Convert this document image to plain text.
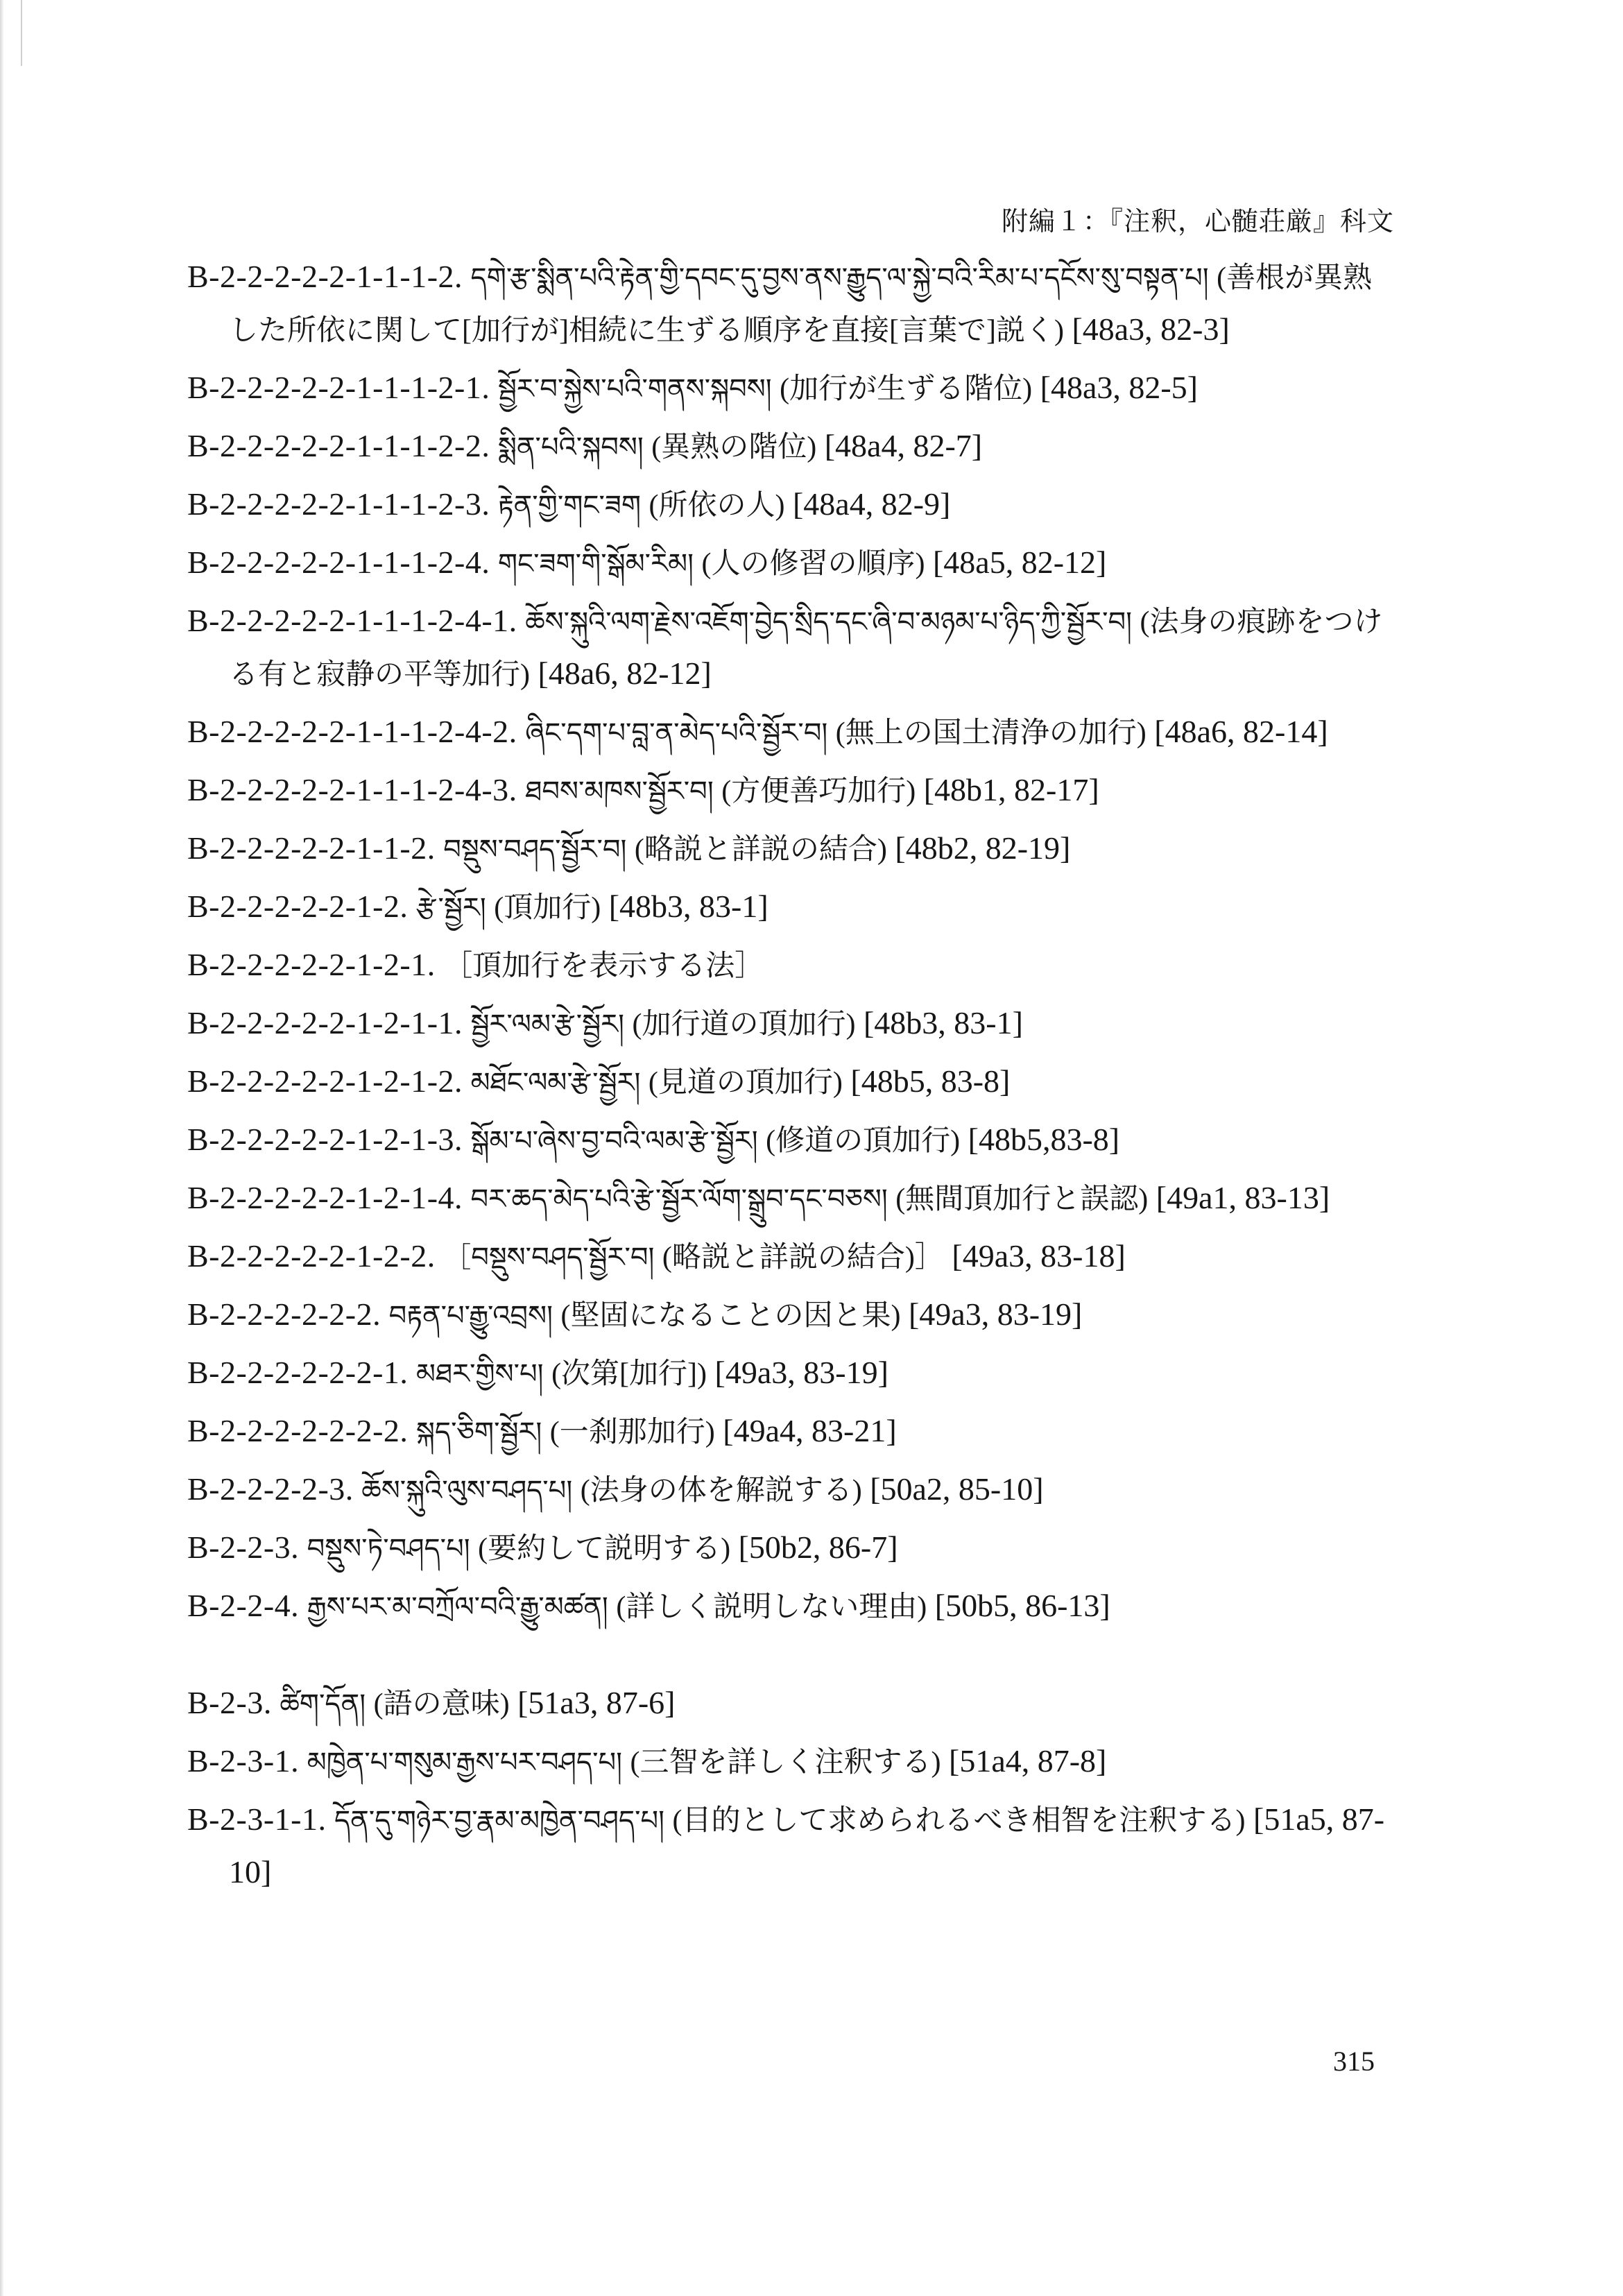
附編１：『注釈，心髄荘厳』科文
B-2-2-2-2-2-1-1-1-2. དགེ་རྩ་སྨིན་པའི་རྟེན་གྱི་དབང་དུ་བྱས་ནས་རྒྱུད་ལ་སྐྱེ་བའི་རིམ་པ་དངོས་སུ་བསྟན་པ། (善根が異熟した所依に関して[加行が]相続に生ずる順序を直接[言葉で]説く) [48a3, 82-3]
B-2-2-2-2-2-1-1-1-2-1. སྦྱོར་བ་སྐྱེས་པའི་གནས་སྐབས། (加行が生ずる階位) [48a3, 82-5]
B-2-2-2-2-2-1-1-1-2-2. སྨིན་པའི་སྐབས། (異熟の階位) [48a4, 82-7]
B-2-2-2-2-2-1-1-1-2-3. རྟེན་གྱི་གང་ཟག (所依の人) [48a4, 82-9]
B-2-2-2-2-2-1-1-1-2-4. གང་ཟག་གི་སྒོམ་རིམ། (人の修習の順序) [48a5, 82-12]
B-2-2-2-2-2-1-1-1-2-4-1. ཆོས་སྐུའི་ལག་རྗེས་འཇོག་བྱེད་སྲིད་དང་ཞི་བ་མཉམ་པ་ཉིད་ཀྱི་སྦྱོར་བ། (法身の痕跡をつける有と寂静の平等加行) [48a6, 82-12]
B-2-2-2-2-2-1-1-1-2-4-2. ཞིང་དག་པ་བླ་ན་མེད་པའི་སྦྱོར་བ། (無上の国土清浄の加行) [48a6, 82-14]
B-2-2-2-2-2-1-1-1-2-4-3. ཐབས་མཁས་སྦྱོར་བ། (方便善巧加行) [48b1, 82-17]
B-2-2-2-2-2-1-1-2. བསྡུས་བཤད་སྦྱོར་བ། (略説と詳説の結合) [48b2, 82-19]
B-2-2-2-2-2-1-2. རྩེ་སྦྱོར། (頂加行) [48b3, 83-1]
B-2-2-2-2-2-1-2-1. ［頂加行を表示する法］
B-2-2-2-2-2-1-2-1-1. སྦྱོར་ལམ་རྩེ་སྦྱོར། (加行道の頂加行) [48b3, 83-1]
B-2-2-2-2-2-1-2-1-2. མཐོང་ལམ་རྩེ་སྦྱོར། (見道の頂加行) [48b5, 83-8]
B-2-2-2-2-2-1-2-1-3. སྒོམ་པ་ཞེས་བྱ་བའི་ལམ་རྩེ་སྦྱོར། (修道の頂加行) [48b5,83-8]
B-2-2-2-2-2-1-2-1-4. བར་ཆད་མེད་པའི་རྩེ་སྦྱོར་ལོག་སྒྲུབ་དང་བཅས། (無間頂加行と誤認) [49a1, 83-13]
B-2-2-2-2-2-1-2-2. ［བསྡུས་བཤད་སྦྱོར་བ། (略説と詳説の結合)］ [49a3, 83-18]
B-2-2-2-2-2-2. བརྟན་པ་རྒྱུ་འབྲས། (堅固になることの因と果) [49a3, 83-19]
B-2-2-2-2-2-2-1. མཐར་གྱིས་པ། (次第[加行]) [49a3, 83-19]
B-2-2-2-2-2-2-2. སྐད་ཅིག་སྦྱོར། (一刹那加行) [49a4, 83-21]
B-2-2-2-2-3. ཆོས་སྐུའི་ལུས་བཤད་པ། (法身の体を解説する) [50a2, 85-10]
B-2-2-3. བསྡུས་ཏེ་བཤད་པ། (要約して説明する) [50b2, 86-7]
B-2-2-4. རྒྱས་པར་མ་བཀྲོལ་བའི་རྒྱུ་མཚན། (詳しく説明しない理由) [50b5, 86-13]
B-2-3. ཚིག་དོན། (語の意味) [51a3, 87-6]
B-2-3-1. མཁྱེན་པ་གསུམ་རྒྱས་པར་བཤད་པ། (三智を詳しく注釈する) [51a4, 87-8]
B-2-3-1-1. དོན་དུ་གཉེར་བྱ་རྣམ་མཁྱེན་བཤད་པ། (目的として求められるべき相智を注釈する) [51a5, 87-10]
315
